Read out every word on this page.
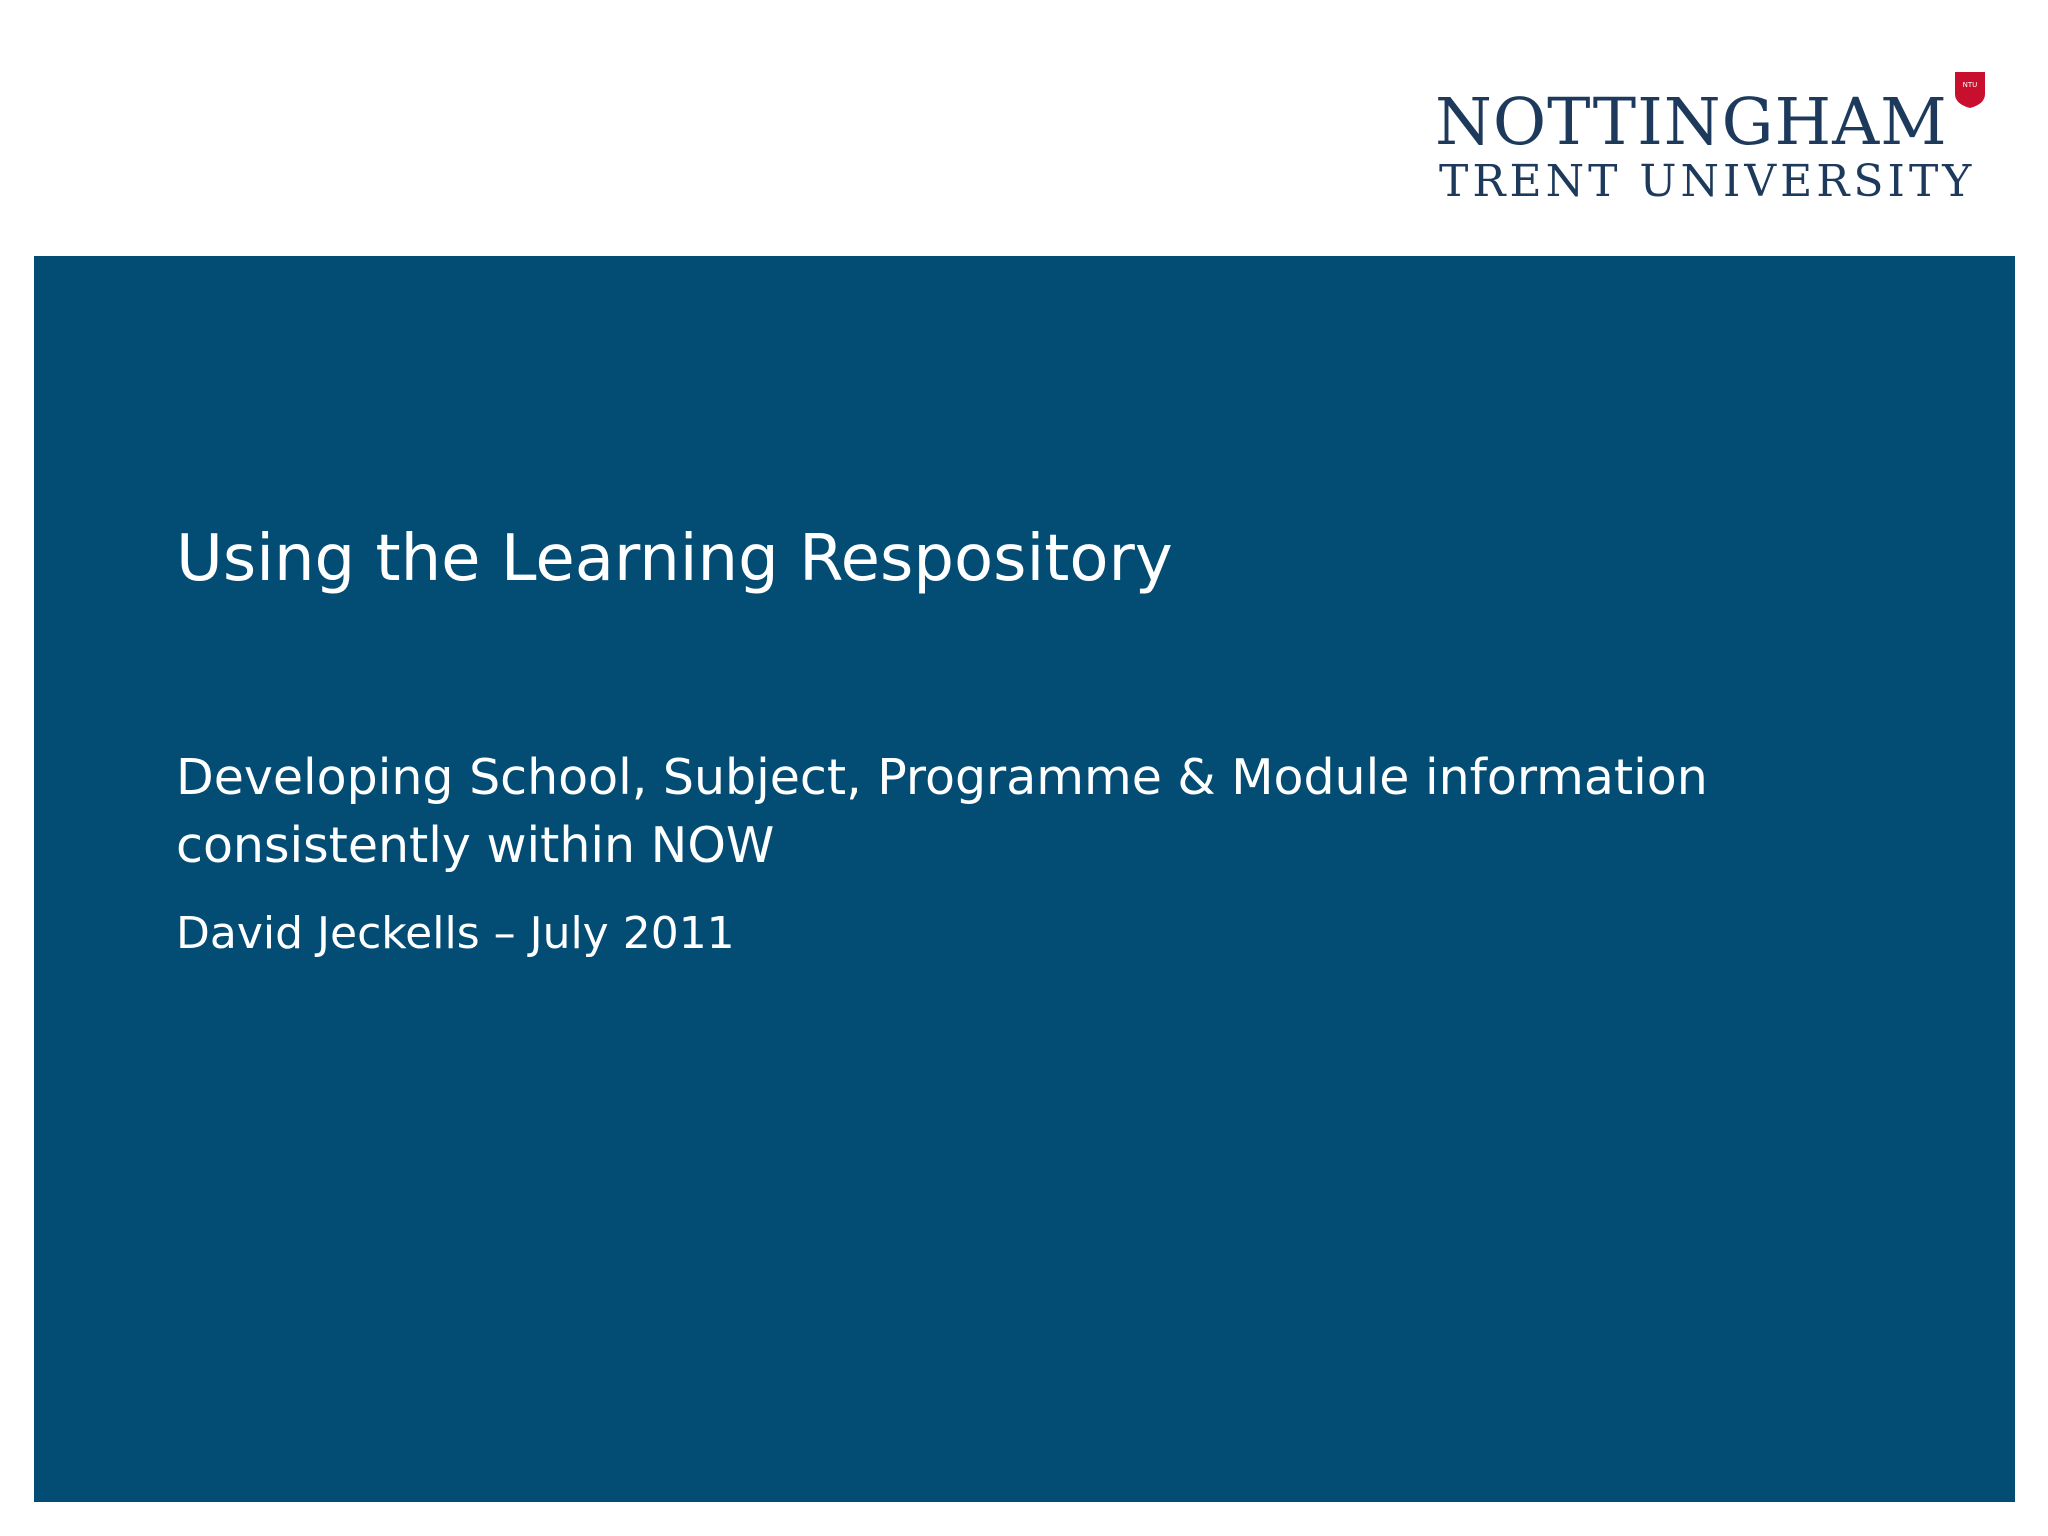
NOTTINGHAM
TRENT UNIVERSITY
NTU
Using the Learning Respository
Developing School, Subject, Programme & Module information consistently within NOW
David Jeckells – July 2011
